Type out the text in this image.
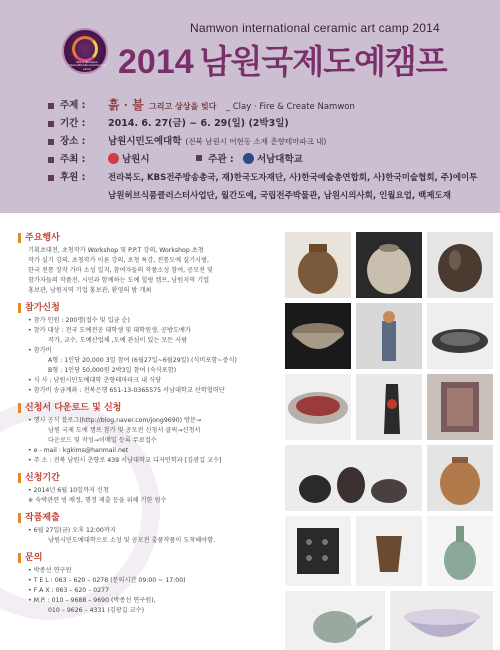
2014 Namwon international ceramic art camp
Namwon international ceramic art camp 2014
2014 남원국제도예캠프
주제 :	흙 · 불 그리고 상상을 빚다 _ Clay · Fire & Create Namwon
기간 :	2014. 6. 27(금) ~ 6. 29(일) (2박3일)
장소 :	남원시민도예대학 (전북 남원시 어현동 소재 춘향테마파크 내)
주최 :	남원시	주관 : 서남대학교
후원 :	전라북도, KBS전주방송총국, 재)한국도자재단, 사)한국예술총연합회, 사)한국미술협회, 주)에이투
남원허브식품클러스터사업단, 월간도예, 국립전주박물관, 남원시의사회, 인월요업, 백제도재
주요행사
기획초대전, 초청작가 Workshop 및 P.P.T 강의, Workshop 초청
작가 실기 강의, 초청작가 이론 강의, 초청 특강, 전통도예 실기시범,
한국 전통 장작 가마 소성 일지, 참여자들의 작품소성 참여, 공모전 및
참가자들의 작품전, 시민과 함께하는 도예 힐링 캠프, 남원지역 기업
홍보관, 남원지역 기업 홍보관, 환영의 밤 개최
참가신청
• 참가 인원 : 200명(접수 및 입금 순)
• 참가 대상 : 전국 도예전공 대학생 및 대학원생, 공방도예가
작가, 교수, 도예산업체 ,도예 관심이 있는 모든 사람
• 참가비
A형 : 1인당 20,000 3일 참여 (6월27일~6월29일) (식비포함~중식)
B형 : 1인당 50,000원 2박3일 참여 (숙식포함)
• 식 사 : 남원시민도예대학 춘향테마파크 내 식당
• 참가비 송금계좌 : 전북은행 651-13-0365575 서남대학교 산학협력단
신청서 다운로드 및 신청
• 행사 공식 블로그(http://blog.naver.com/jong9690) 방문→
남원 국제 도예 캠프 참가 및 공모전 신청서 클릭→신청서
다운로드 및 작성→이메일 등록 무료접수
• e - mail : kgkims@hanmail.net
• 주 소 : 전북 남원시 춘향로 439 서남대학교 디자인학과 [김광길 교수]
신청기간
• 2014년 6월 10일까지 신청
※ 숙박관련 빙 배정, 행정 제출 등을 위해 기한 엄수
작품제출
• 6월 27일(금) 오후 12:00까지
남원시민도예대학으로 소성 및 공모전 출품작품이 도착해야함.
문의
• 박종선 연구원
• T E L : 063 – 620 – 0278 (문의시간 09:00 ~ 17:00)
• F A X : 063 – 620 – 0277
• M.P. : 010 – 9688 – 9690 (박종선 연구원),
010 – 9626 – 4331 (김광길 교수)
